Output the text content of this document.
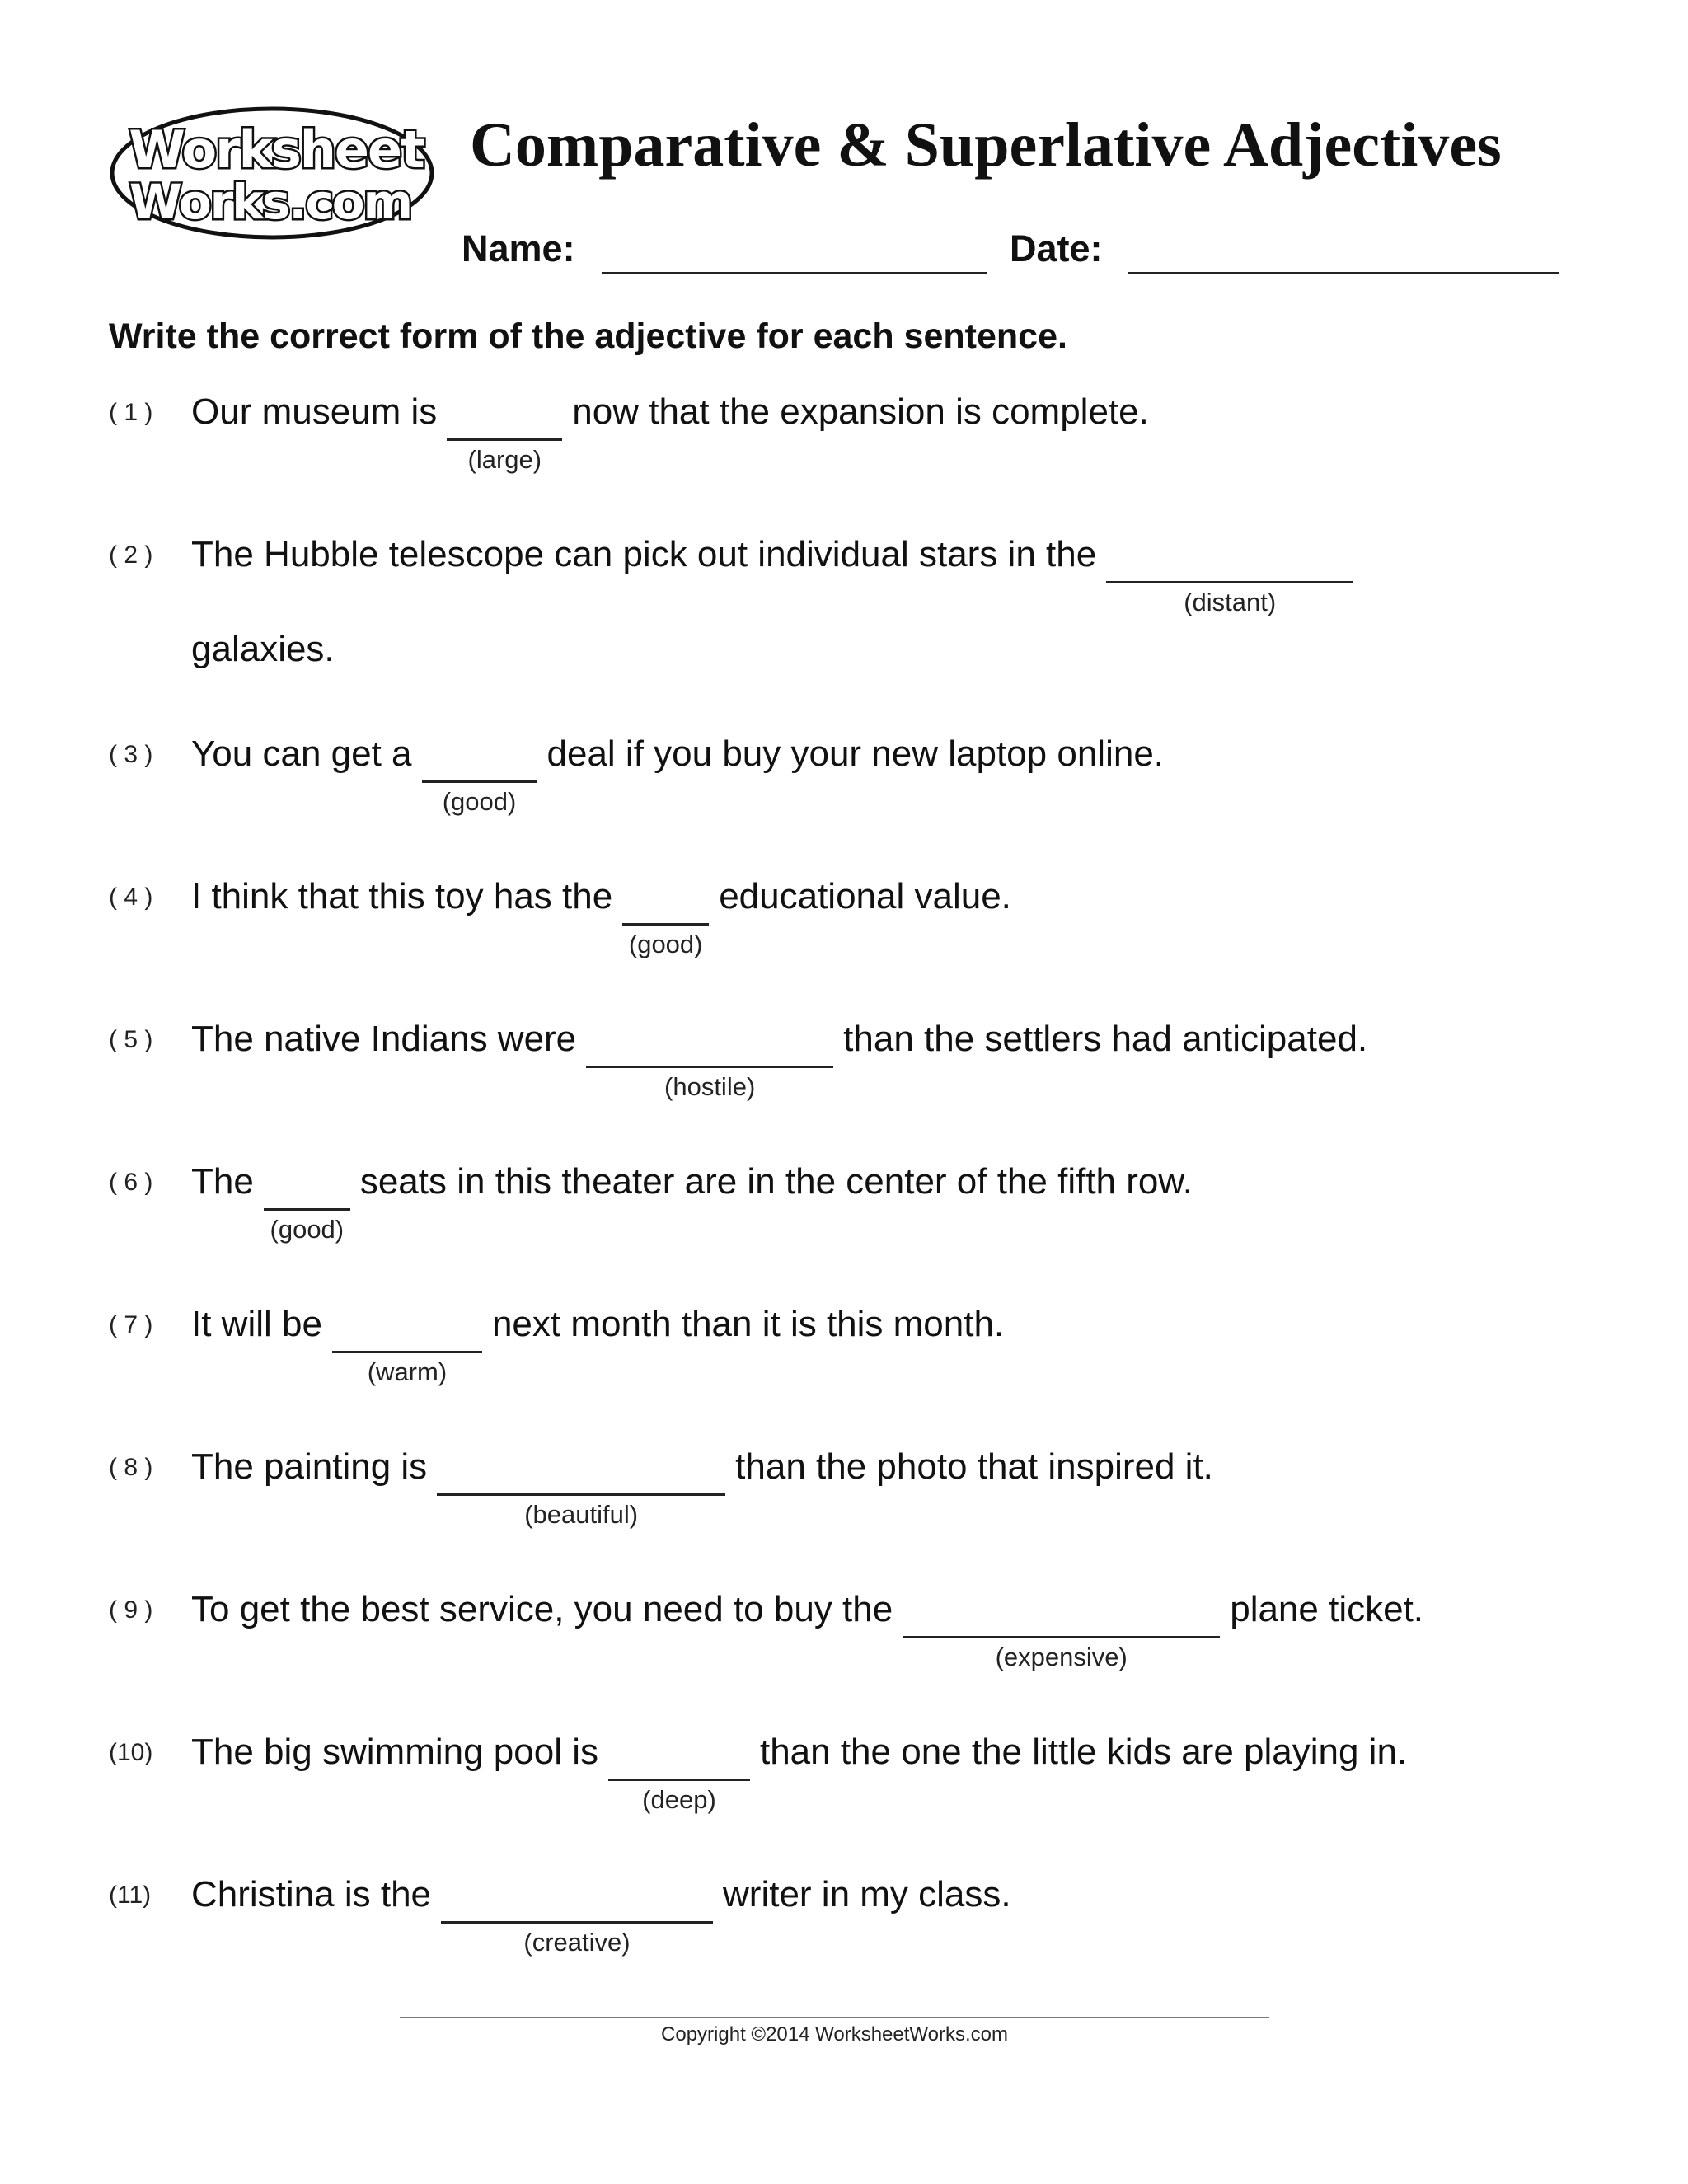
Worksheet
Works.com
Comparative & Superlative Adjectives
Name:	Date:
Write the correct form of the adjective for each sentence.
( 1 ) Our museum is
(large)
now that the expansion is complete.
( 2 ) The Hubble telescope can pick out individual stars in the
(distant)
galaxies.
( 3 ) You can get a
(good)
deal if you buy your new laptop online.
( 4 ) I think that this toy has the
(good)
educational value.
( 5 ) The native Indians were
(hostile)
than the settlers had anticipated.
( 6 ) The
(good)
seats in this theater are in the center of the fifth row.
( 7 ) It will be
(warm)
next month than it is this month.
( 8 ) The painting is
(beautiful)
than the photo that inspired it.
( 9 ) To get the best service, you need to buy the
(expensive)
plane ticket.
(10) The big swimming pool is
(deep)
than the one the little kids are playing in.
(11) Christina is the
(creative)
writer in my class.
Copyright ©2014 WorksheetWorks.com
